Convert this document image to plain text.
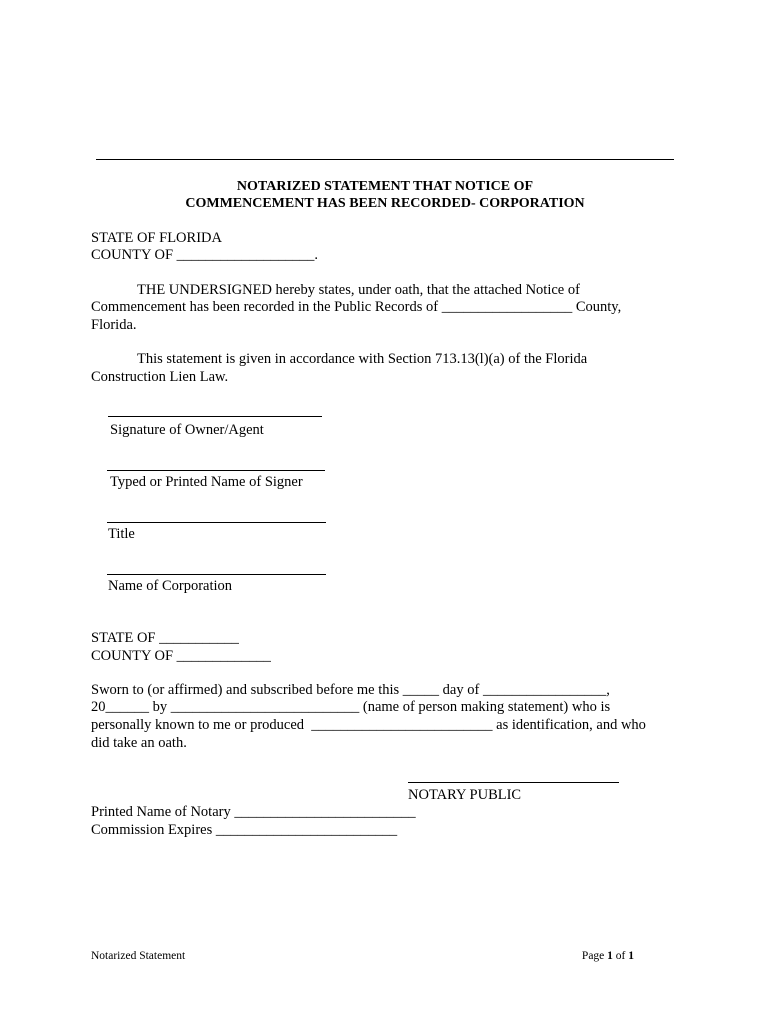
NOTARIZED STATEMENT THAT NOTICE OF
COMMENCEMENT HAS BEEN RECORDED- CORPORATION
STATE OF FLORIDA
COUNTY OF ___________________.
THE UNDERSIGNED hereby states, under oath, that the attached Notice of
Commencement has been recorded in the Public Records of __________________ County,
Florida.
This statement is given in accordance with Section 713.13(l)(a) of the Florida
Construction Lien Law.
Signature of Owner/Agent
Typed or Printed Name of Signer
Title
Name of Corporation
STATE OF ___________
COUNTY OF _____________
Sworn to (or affirmed) and subscribed before me this _____ day of _________________,
20______ by __________________________ (name of person making statement) who is
personally known to me or produced  _________________________ as identification, and who
did take an oath.
NOTARY PUBLIC
Printed Name of Notary _________________________
Commission Expires _________________________
Notarized Statement	Page 1 of 1
